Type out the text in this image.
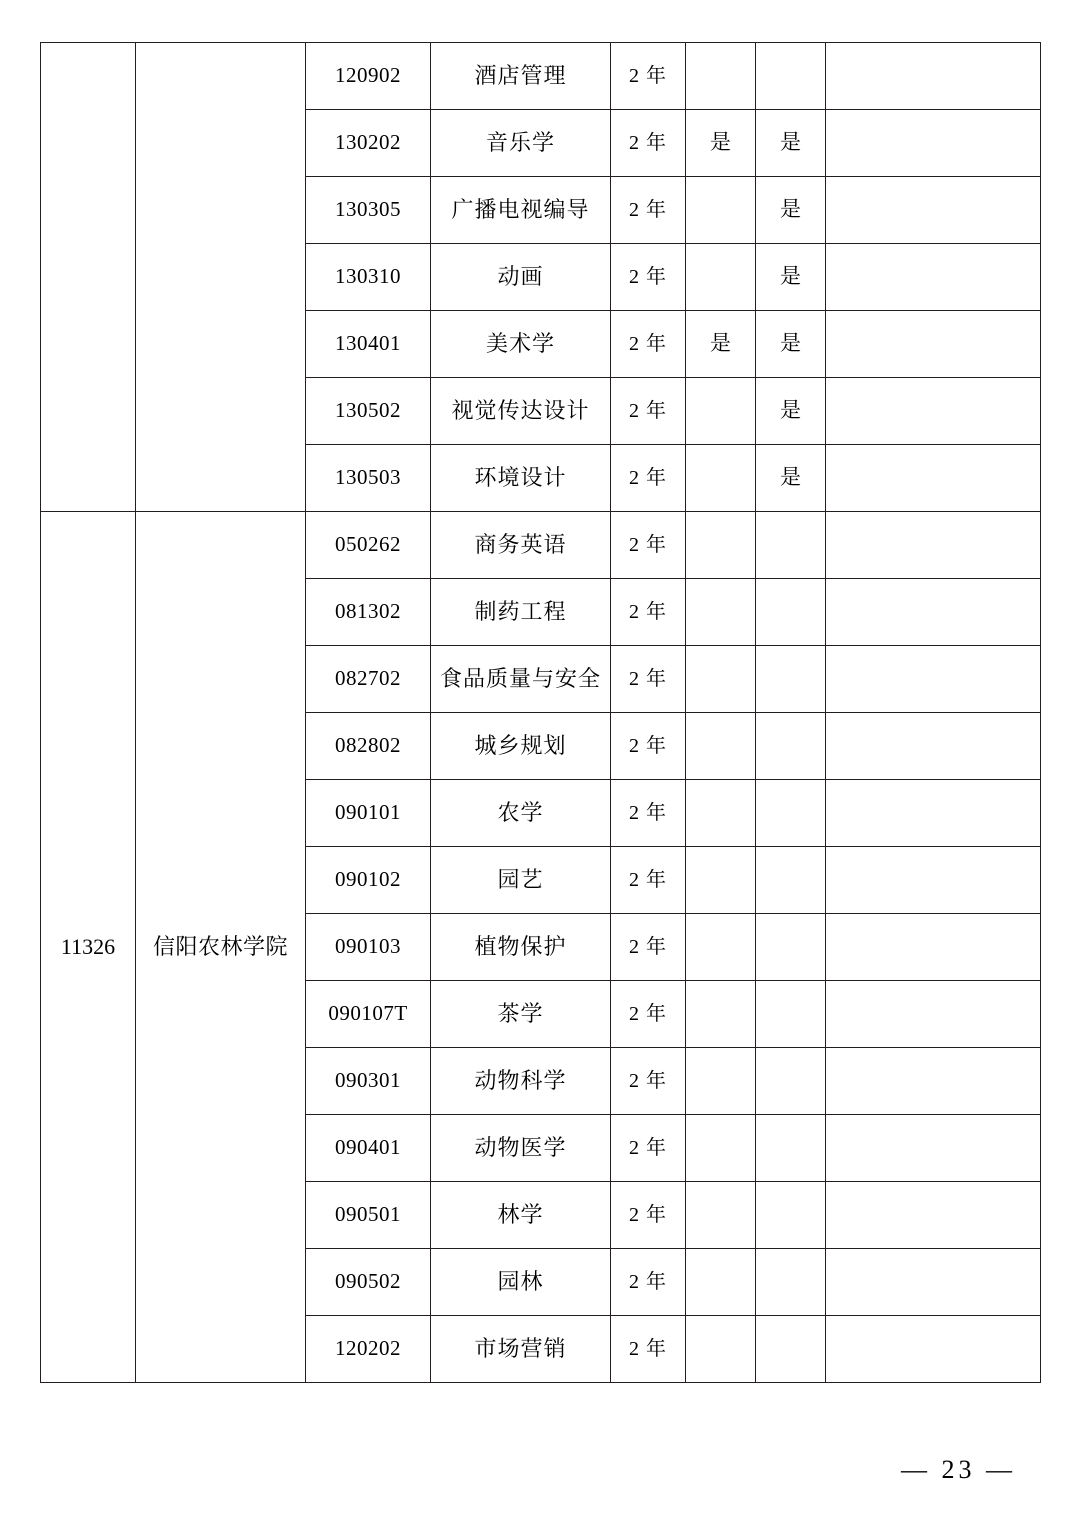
		120902	酒店管理	2 年			

		130202	音乐学	2 年	是	是	

		130305	广播电视编导	2 年		是	

		130310	动画	2 年		是	

		130401	美术学	2 年	是	是	

		130502	视觉传达设计	2 年		是	

		130503	环境设计	2 年		是	

11326	信阳农林学院	050262	商务英语	2 年			

		081302	制药工程	2 年			

		082702	食品质量与安全	2 年			

		082802	城乡规划	2 年			

		090101	农学	2 年			

		090102	园艺	2 年			

		090103	植物保护	2 年			

		090107T	茶学	2 年			

		090301	动物科学	2 年			

		090401	动物医学	2 年			

		090501	林学	2 年			

		090502	园林	2 年			

		120202	市场营销	2 年			

— 23 —
